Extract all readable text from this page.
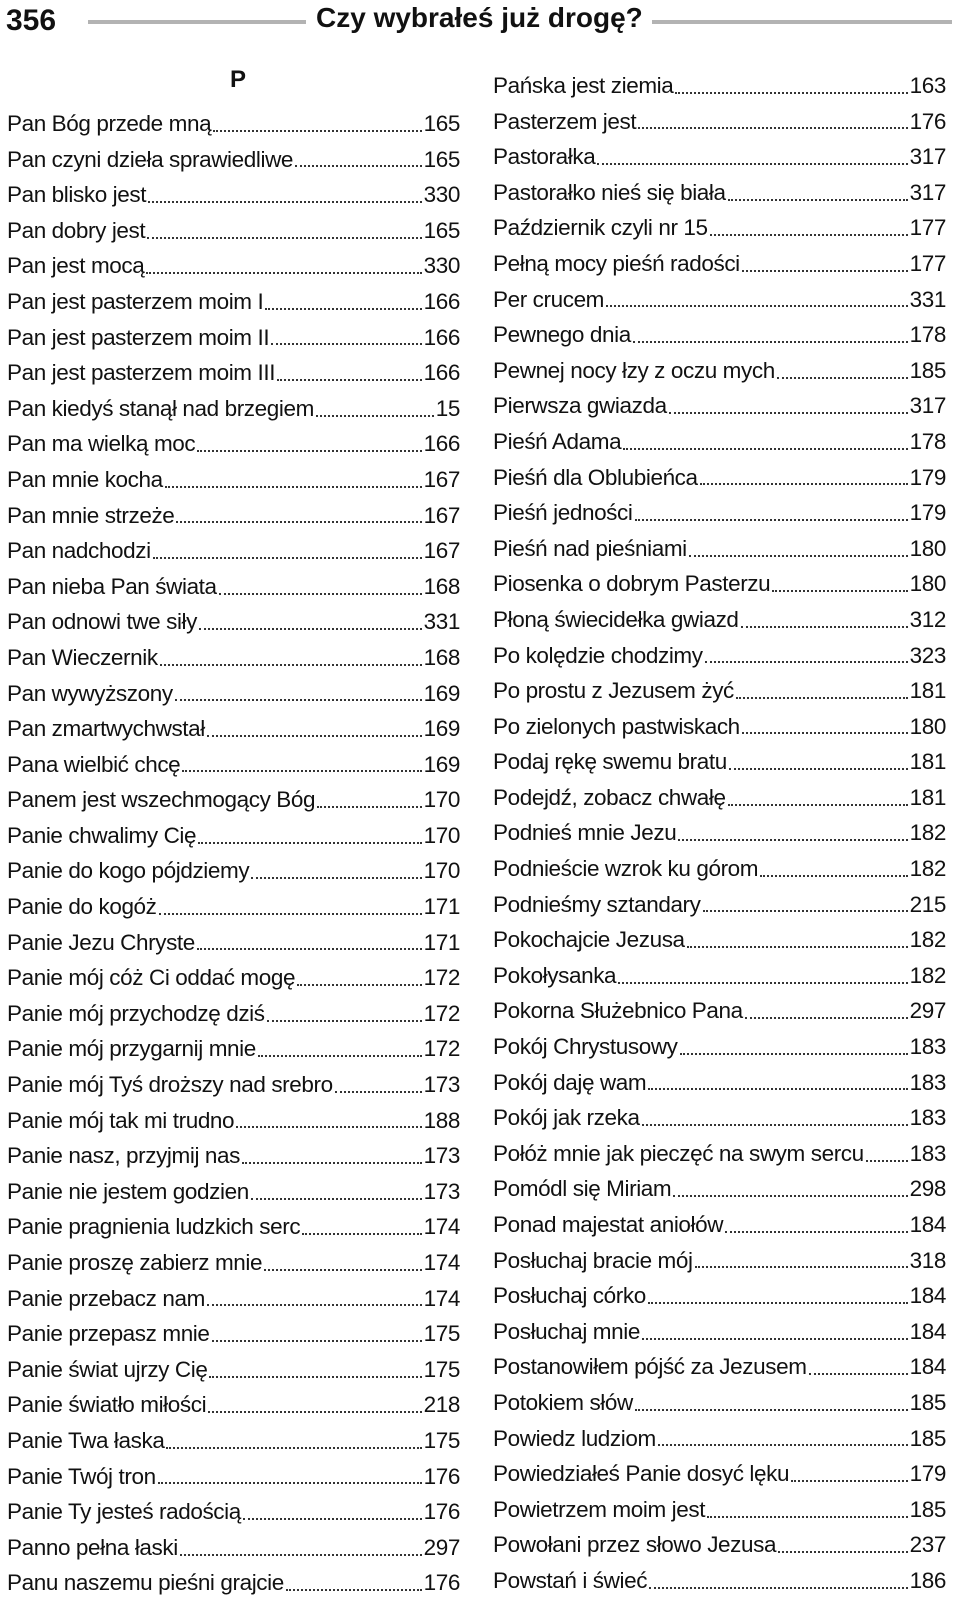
356	Czy wybrałeś już drogę?
Pan Bóg przede mną	165
Pan czyni dzieła sprawiedliwe	165
Pan blisko jest	330
Pan dobry jest	165
Pan jest mocą	330
Pan jest pasterzem moim I	166
Pan jest pasterzem moim II	166
Pan jest pasterzem moim III	166
Pan kiedyś stanął nad brzegiem	15
Pan ma wielką moc	166
Pan mnie kocha	167
Pan mnie strzeże	167
Pan nadchodzi	167
Pan nieba Pan świata	168
Pan odnowi twe siły	331
Pan Wieczernik	168
Pan wywyższony	169
Pan zmartwychwstał	169
Pana wielbić chcę	169
Panem jest wszechmogący Bóg	170
Panie chwalimy Cię	170
Panie do kogo pójdziemy	170
Panie do kogóż	171
Panie Jezu Chryste	171
Panie mój cóż Ci oddać mogę	172
Panie mój przychodzę dziś	172
Panie mój przygarnij mnie	172
Panie mój Tyś droższy nad srebro	173
Panie mój tak mi trudno	188
Panie nasz, przyjmij nas	173
Panie nie jestem godzien	173
Panie pragnienia ludzkich serc	174
Panie proszę zabierz mnie	174
Panie przebacz nam	174
Panie przepasz mnie	175
Panie świat ujrzy Cię	175
Panie światło miłości	218
Panie Twa łaska	175
Panie Twój tron	176
Panie Ty jesteś radością	176
Panno pełna łaski	297
Panu naszemu pieśni grajcie	176
P	Pańska jest ziemia	163
Pasterzem jest	176
Pastorałka	317
Pastorałko nieś się biała	317
Październik czyli nr 15	177
Pełną mocy pieśń radości	177
Per crucem	331
Pewnego dnia	178
Pewnej nocy łzy z oczu mych	185
Pierwsza gwiazda	317
Pieśń Adama	178
Pieśń dla Oblubieńca	179
Pieśń jedności	179
Pieśń nad pieśniami	180
Piosenka o dobrym Pasterzu	180
Płoną świecidełka gwiazd	312
Po kolędzie chodzimy	323
Po prostu z Jezusem żyć	181
Po zielonych pastwiskach	180
Podaj rękę swemu bratu	181
Podejdź, zobacz chwałę	181
Podnieś mnie Jezu	182
Podnieście wzrok ku górom	182
Podnieśmy sztandary	215
Pokochajcie Jezusa	182
Pokołysanka	182
Pokorna Służebnico Pana	297
Pokój Chrystusowy	183
Pokój daję wam	183
Pokój jak rzeka	183
Połóż mnie jak pieczęć na swym sercu 183
Pomódl się Miriam	298
Ponad majestat aniołów	184
Posłuchaj bracie mój	318
Posłuchaj córko	184
Posłuchaj mnie	184
Postanowiłem pójść za Jezusem	184
Potokiem słów	185
Powiedz ludziom	185
Powiedziałeś Panie dosyć lęku	179
Powietrzem moim jest	185
Powołani przez słowo Jezusa	237
Powstań i świeć	186
